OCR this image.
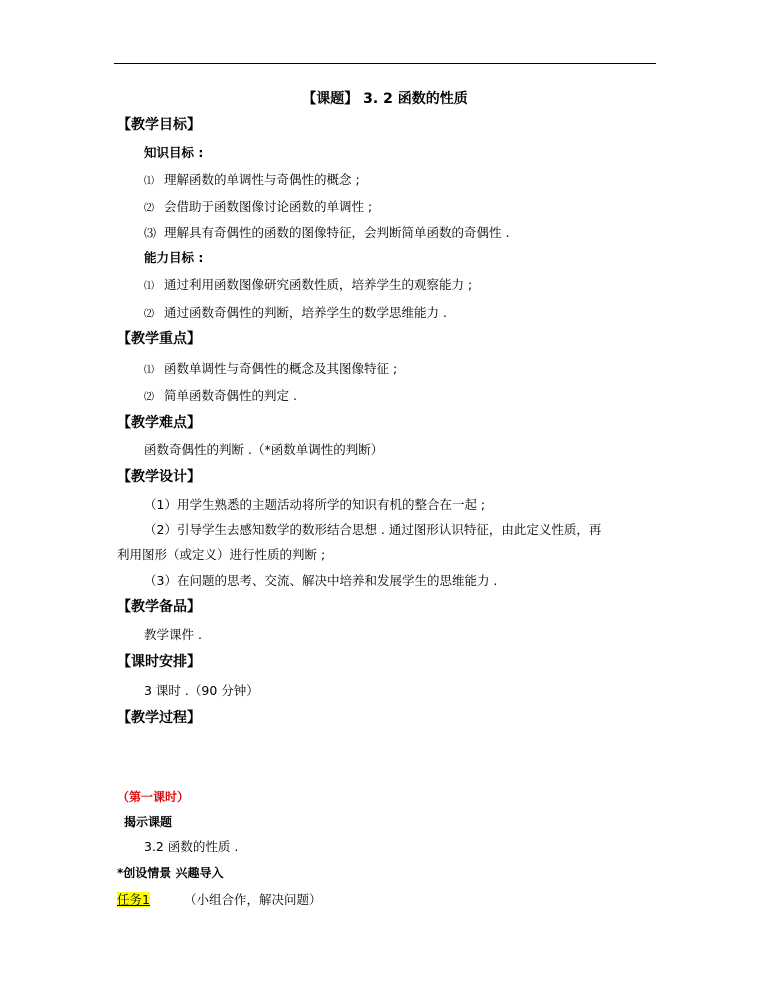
【课题】 3. 2 函数的性质
【教学目标】
知识目标 :
⑴ 理解函数的单调性与奇偶性的概念 ;
⑵ 会借助于函数图像讨论函数的单调性 ;
⑶ 理解具有奇偶性的函数的图像特征，会判断简单函数的奇偶性 .
能力目标 :
⑴ 通过利用函数图像研究函数性质，培养学生的观察能力 ;
⑵ 通过函数奇偶性的判断，培养学生的数学思维能力 .
【教学重点】
⑴ 函数单调性与奇偶性的概念及其图像特征 ;
⑵ 简单函数奇偶性的判定 .
【教学难点】
函数奇偶性的判断 .（*函数单调性的判断）
【教学设计】
（1）用学生熟悉的主题活动将所学的知识有机的整合在一起 ;
（2）引导学生去感知数学的数形结合思想 . 通过图形认识特征，由此定义性质，再
利用图形（或定义）进行性质的判断 ;
（3）在问题的思考、交流、解决中培养和发展学生的思维能力 .
【教学备品】
教学课件 .
【课时安排】
3 课时 .（90 分钟）
【教学过程】
（第一课时）
揭示课题
3.2 函数的性质 .
*创设情景 兴趣导入
任务1	（小组合作，解决问题）
